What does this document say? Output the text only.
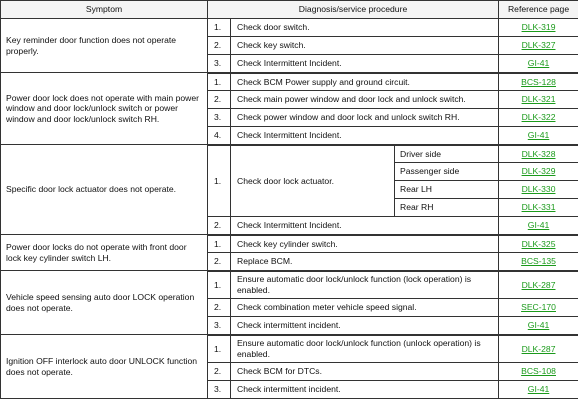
Symptom	Diagnosis/service procedure			Reference page
Key reminder door function does not operate properly.	1.	Check door switch.		DLK-319
	2.	Check key switch.		DLK-327
	3.	Check Intermittent Incident.		GI-41
Power door lock does not operate with main power window and door lock/unlock switch or power window and door lock/unlock switch RH.	1.	Check BCM Power supply and ground circuit.		BCS-128
	2.	Check main power window and door lock and unlock switch.		DLK-321
	3.	Check power window and door lock and unlock switch RH.		DLK-322
	4.	Check Intermittent Incident.		GI-41
Specific door lock actuator does not operate.	1.	Check door lock actuator.	Driver side	DLK-328
			Passenger side	DLK-329
			Rear LH	DLK-330
			Rear RH	DLK-331
	2.	Check Intermittent Incident.		GI-41
Power door locks do not operate with front door lock key cylinder switch LH.	1.	Check key cylinder switch.		DLK-325
	2.	Replace BCM.		BCS-135
Vehicle speed sensing auto door LOCK operation does not operate.	1.	Ensure automatic door lock/unlock function (lock operation) is enabled.		DLK-287
	2.	Check combination meter vehicle speed signal.		SEC-170
	3.	Check intermittent incident.		GI-41
Ignition OFF interlock auto door UNLOCK function does not operate.	1.	Ensure automatic door lock/unlock function (unlock operation) is enabled.		DLK-287
	2.	Check BCM for DTCs.		BCS-108
	3.	Check intermittent incident.		GI-41
